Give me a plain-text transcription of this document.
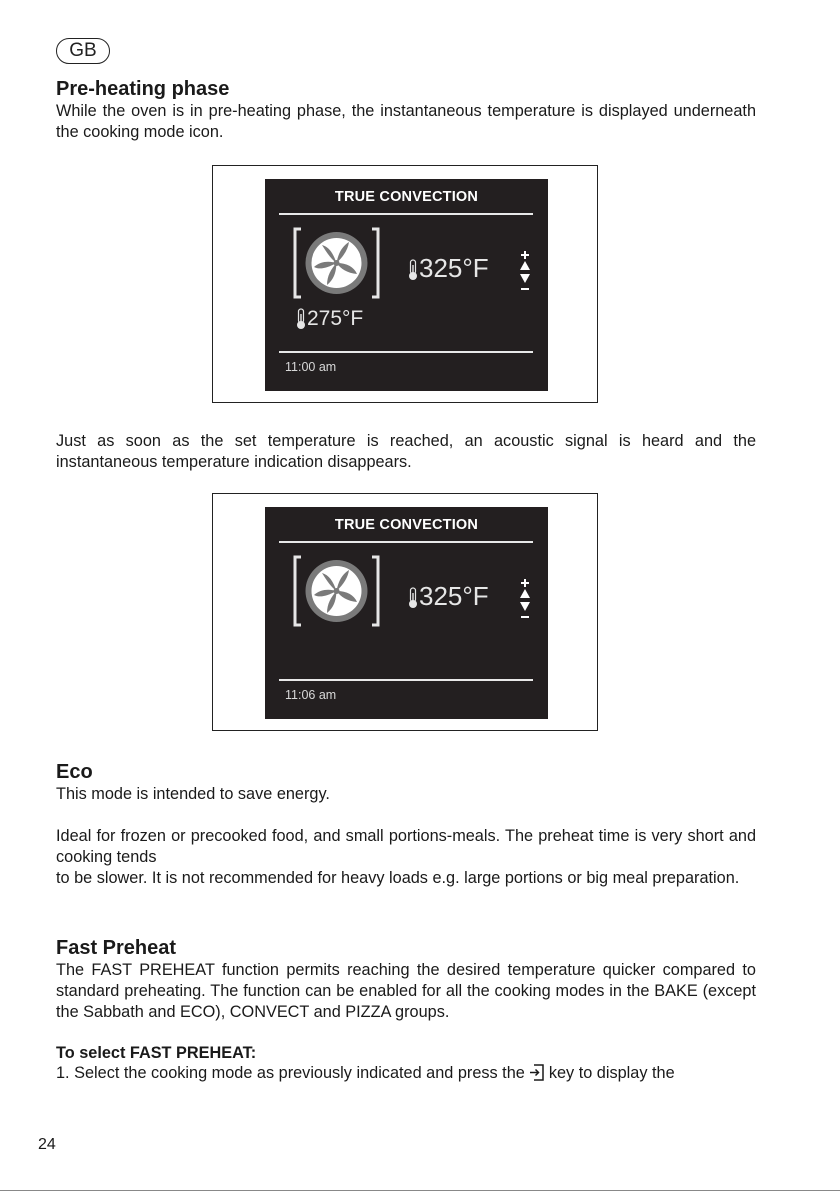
GB
Pre-heating phase

While the oven is in pre-heating phase, the instantaneous temperature is displayed underneath the cooking mode icon.

TRUE CONVECTION
325°F
275°F
11:00 am

Just as soon as the set temperature is reached, an acoustic signal is heard and the instantaneous temperature indication disappears.

TRUE CONVECTION
325°F
11:06 am
Eco

This mode is intended to save energy.

Ideal for frozen or precooked food, and small portions-meals. The preheat time is very short and cooking tends

to be slower. It is not recommended for heavy loads e.g. large portions or big meal preparation.

Fast Preheat

The FAST PREHEAT function permits reaching the desired temperature quicker compared to standard preheating. The function can be enabled for all the cooking modes in the BAKE (except the Sabbath and ECO), CONVECT and PIZZA groups.

To select FAST PREHEAT:

1. Select the cooking mode as previously indicated and press the key to display the

24
